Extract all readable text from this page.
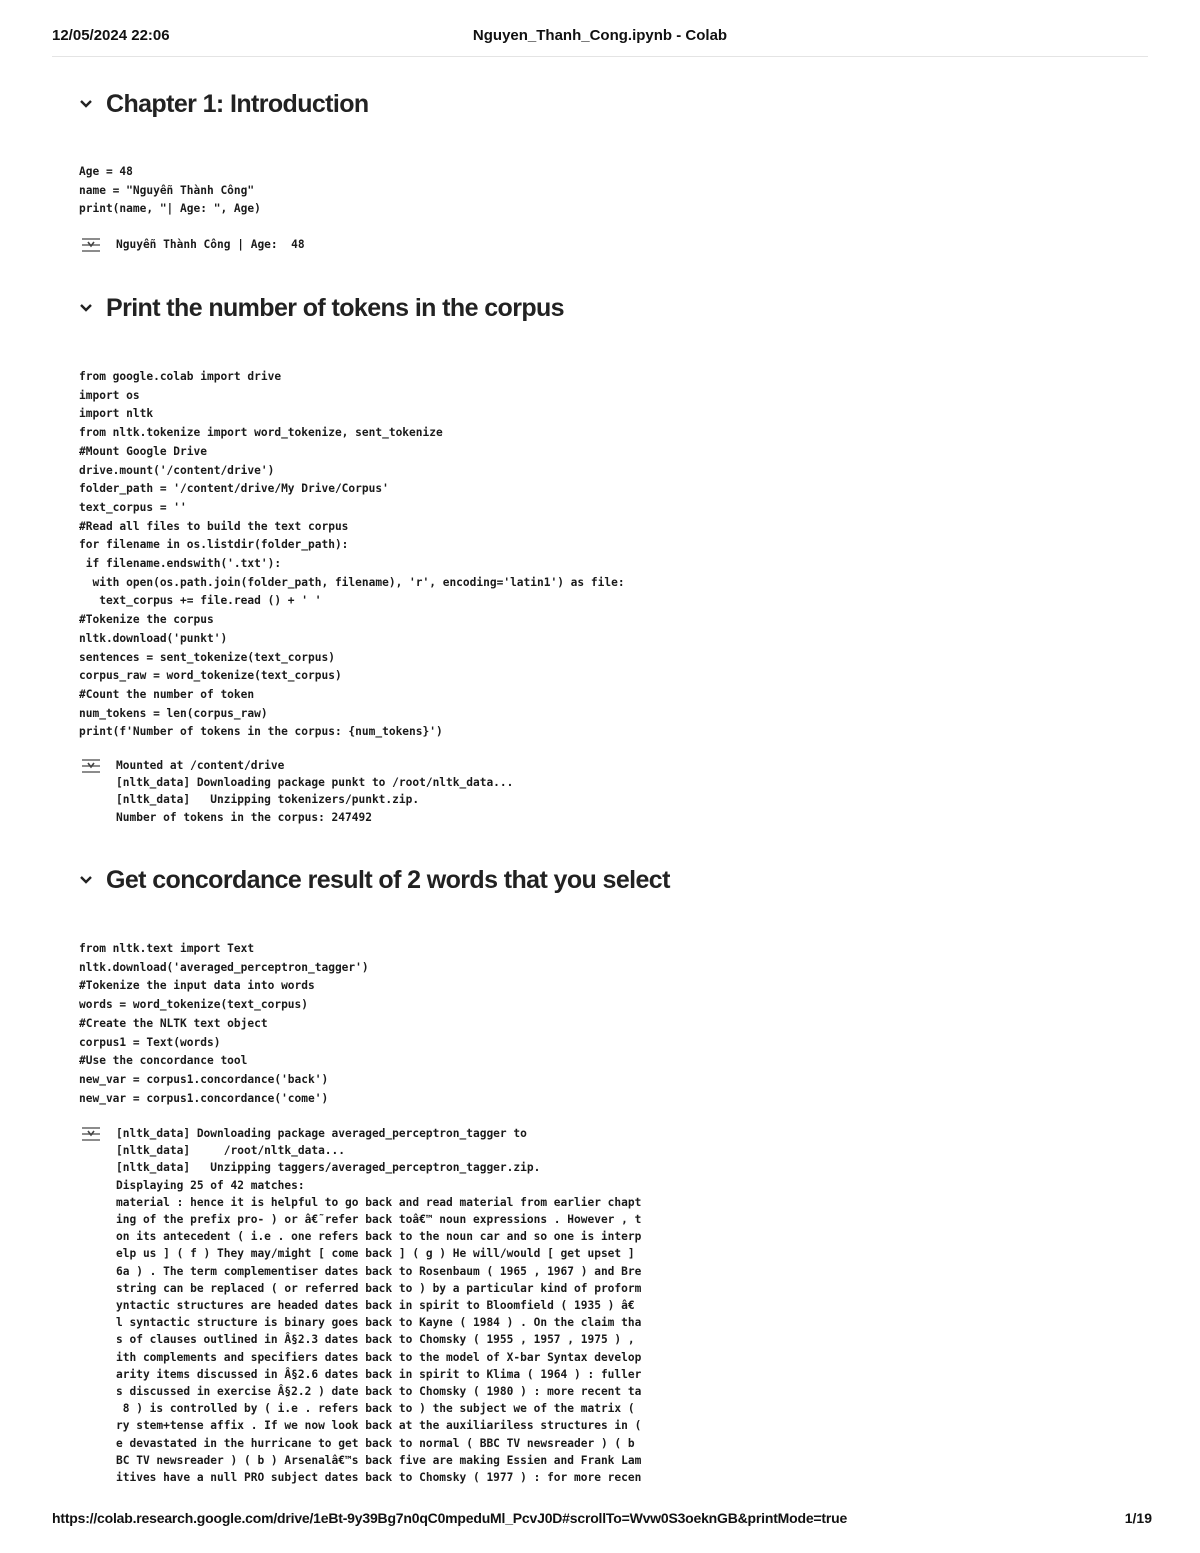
12/05/2024 22:06	Nguyen_Thanh_Cong.ipynb - Colab
Chapter 1: Introduction
Age = 48
name = "Nguyễn Thành Công"
print(name, "| Age: ", Age)
Nguyễn Thành Công | Age:  48
Print the number of tokens in the corpus
from google.colab import drive
import os
import nltk
from nltk.tokenize import word_tokenize, sent_tokenize
#Mount Google Drive
drive.mount('/content/drive')
folder_path = '/content/drive/My Drive/Corpus'
text_corpus = ''
#Read all files to build the text corpus
for filename in os.listdir(folder_path):
if filename.endswith('.txt'):
with open(os.path.join(folder_path, filename), 'r', encoding='latin1') as file:
text_corpus += file.read () + ' '
#Tokenize the corpus
nltk.download('punkt')
sentences = sent_tokenize(text_corpus)
corpus_raw = word_tokenize(text_corpus)
#Count the number of token
num_tokens = len(corpus_raw)
print(f'Number of tokens in the corpus: {num_tokens}')
Mounted at /content/drive
[nltk_data] Downloading package punkt to /root/nltk_data...
[nltk_data]   Unzipping tokenizers/punkt.zip.
Number of tokens in the corpus: 247492
Get concordance result of 2 words that you select
from nltk.text import Text
nltk.download('averaged_perceptron_tagger')
#Tokenize the input data into words
words = word_tokenize(text_corpus)
#Create the NLTK text object
corpus1 = Text(words)
#Use the concordance tool
new_var = corpus1.concordance('back')
new_var = corpus1.concordance('come')
[nltk_data] Downloading package averaged_perceptron_tagger to
[nltk_data]     /root/nltk_data...
[nltk_data]   Unzipping taggers/averaged_perceptron_tagger.zip.
Displaying 25 of 42 matches:
material : hence it is helpful to go back and read material from earlier chapt
ing of the prefix pro- ) or â€˜refer back toâ€™ noun expressions . However , t
on its antecedent ( i.e . one refers back to the noun car and so one is interp
elp us ] ( f ) They may/might [ come back ] ( g ) He will/would [ get upset ]
6a ) . The term complementiser dates back to Rosenbaum ( 1965 , 1967 ) and Bre
string can be replaced ( or referred back to ) by a particular kind of proform
yntactic structures are headed dates back in spirit to Bloomfield ( 1935 ) â€
l syntactic structure is binary goes back to Kayne ( 1984 ) . On the claim tha
s of clauses outlined in Â§2.3 dates back to Chomsky ( 1955 , 1957 , 1975 ) ,
ith complements and specifiers dates back to the model of X-bar Syntax develop
arity items discussed in Â§2.6 dates back in spirit to Klima ( 1964 ) : fuller
s discussed in exercise Â§2.2 ) date back to Chomsky ( 1980 ) : more recent ta
8 ) is controlled by ( i.e . refers back to ) the subject we of the matrix (
ry stem+tense affix . If we now look back at the auxiliariless structures in (
e devastated in the hurricane to get back to normal ( BBC TV newsreader ) ( b
BC TV newsreader ) ( b ) Arsenalâ€™s back five are making Essien and Frank Lam
itives have a null PRO subject dates back to Chomsky ( 1977 ) : for more recen
https://colab.research.google.com/drive/1eBt-9y39Bg7n0qC0mpeduMl_PcvJ0D#scrollTo=Wvw0S3oeknGB&printMode=true	1/19
